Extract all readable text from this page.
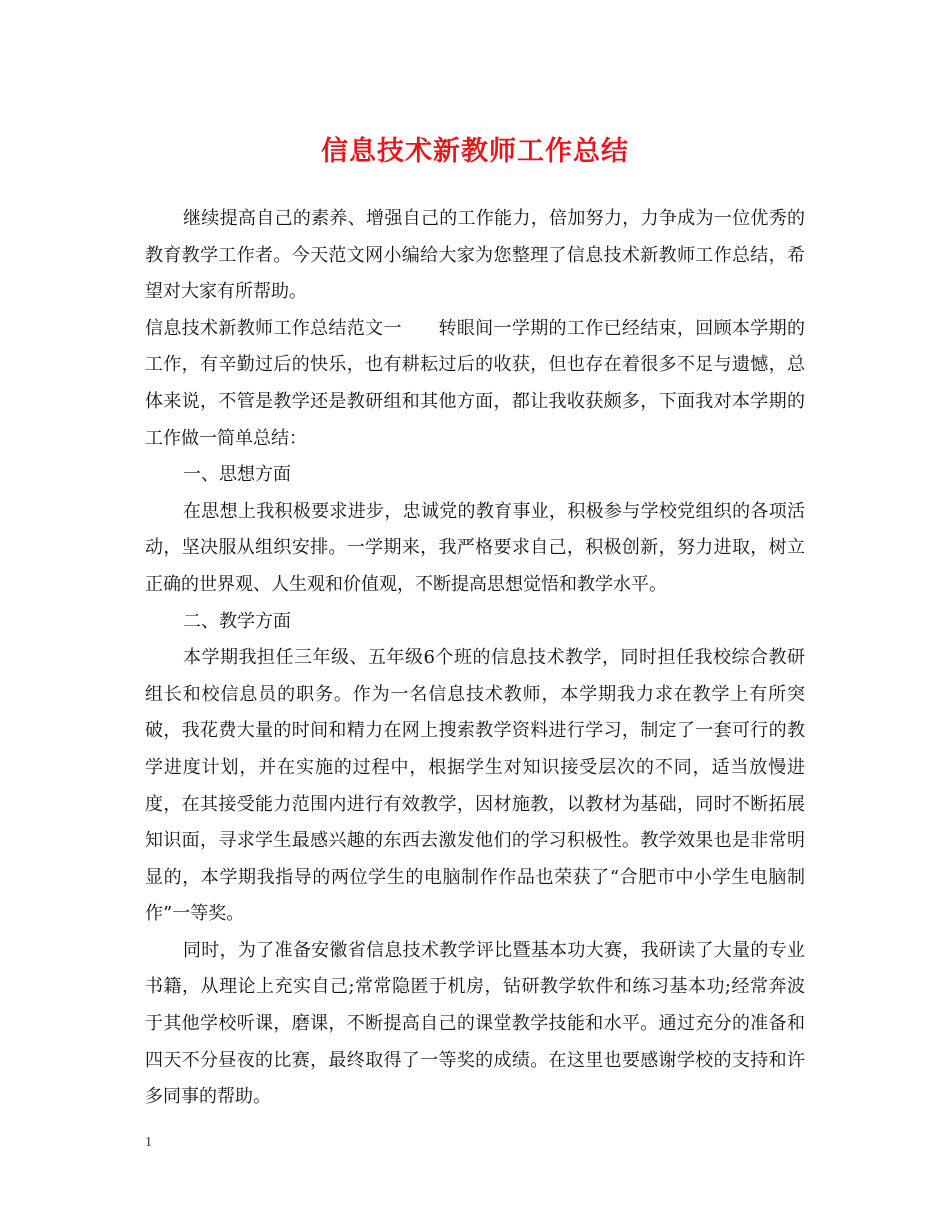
信息技术新教师工作总结

继续提高自己的素养、增强自己的工作能力，倍加努力，力争成为一位优秀的教育教学工作者。今天范文网小编给大家为您整理了信息技术新教师工作总结，希望对大家有所帮助。

信息技术新教师工作总结范文一　　转眼间一学期的工作已经结束，回顾本学期的工作，有辛勤过后的快乐，也有耕耘过后的收获，但也存在着很多不足与遗憾，总体来说，不管是教学还是教研组和其他方面，都让我收获颇多，下面我对本学期的工作做一简单总结：

一、思想方面

在思想上我积极要求进步，忠诚党的教育事业，积极参与学校党组织的各项活动，坚决服从组织安排。一学期来，我严格要求自己，积极创新，努力进取，树立正确的世界观、人生观和价值观，不断提高思想觉悟和教学水平。

二、教学方面

本学期我担任三年级、五年级6个班的信息技术教学，同时担任我校综合教研组长和校信息员的职务。作为一名信息技术教师，本学期我力求在教学上有所突破，我花费大量的时间和精力在网上搜索教学资料进行学习，制定了一套可行的教学进度计划，并在实施的过程中，根据学生对知识接受层次的不同，适当放慢进度，在其接受能力范围内进行有效教学，因材施教，以教材为基础，同时不断拓展知识面，寻求学生最感兴趣的东西去激发他们的学习积极性。教学效果也是非常明显的，本学期我指导的两位学生的电脑制作作品也荣获了“合肥市中小学生电脑制作”一等奖。

同时，为了准备安徽省信息技术教学评比暨基本功大赛，我研读了大量的专业书籍，从理论上充实自己;常常隐匿于机房，钻研教学软件和练习基本功;经常奔波于其他学校听课，磨课，不断提高自己的课堂教学技能和水平。通过充分的准备和四天不分昼夜的比赛，最终取得了一等奖的成绩。在这里也要感谢学校的支持和许多同事的帮助。

1
